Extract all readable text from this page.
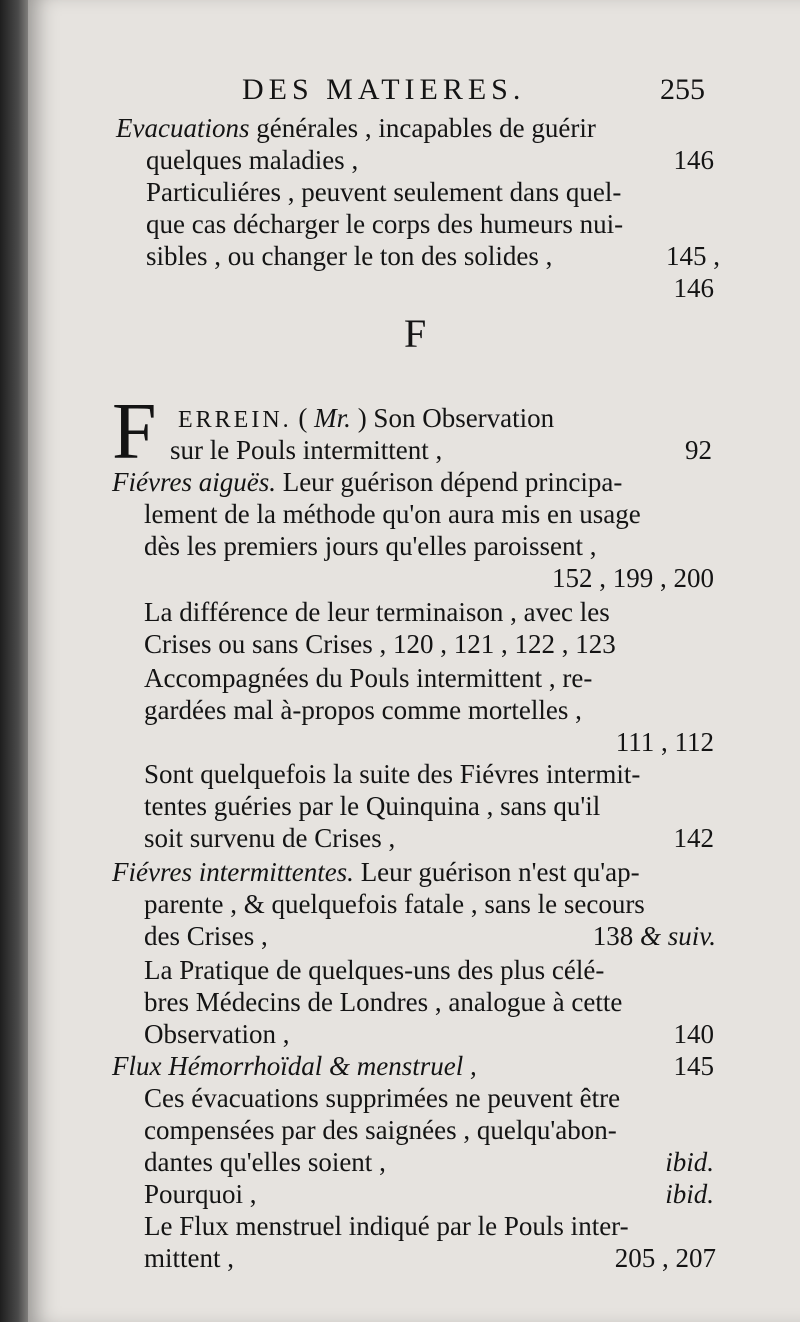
DES MATIERES.	255
Evacuations générales , incapables de guérir
quelques maladies ,	146
Particuliéres , peuvent seulement dans quel-
que cas décharger le corps des humeurs nui-
sibles , ou changer le ton des solides ,	145 ,
146
F
F ERREIN. ( Mr. ) Son Observation
sur le Pouls intermittent ,	92
Fiévres aiguës. Leur guérison dépend principa-
lement de la méthode qu'on aura mis en usage
dès les premiers jours qu'elles paroissent ,
152 , 199 , 200
La différence de leur terminaison , avec les
Crises ou sans Crises , 120 , 121 , 122 , 123
Accompagnées du Pouls intermittent , re-
gardées mal à-propos comme mortelles ,
111 , 112
Sont quelquefois la suite des Fiévres intermit-
tentes guéries par le Quinquina , sans qu'il
soit survenu de Crises ,	142
Fiévres intermittentes. Leur guérison n'est qu'ap-
parente , & quelquefois fatale , sans le secours
des Crises ,	138 & suiv.
La Pratique de quelques-uns des plus célé-
bres Médecins de Londres , analogue à cette
Observation ,	140
Flux Hémorrhoïdal & menstruel ,	145
Ces évacuations supprimées ne peuvent être
compensées par des saignées , quelqu'abon-
dantes qu'elles soient ,	ibid.
Pourquoi ,	ibid.
Le Flux menstruel indiqué par le Pouls inter-
mittent ,	205 , 207
